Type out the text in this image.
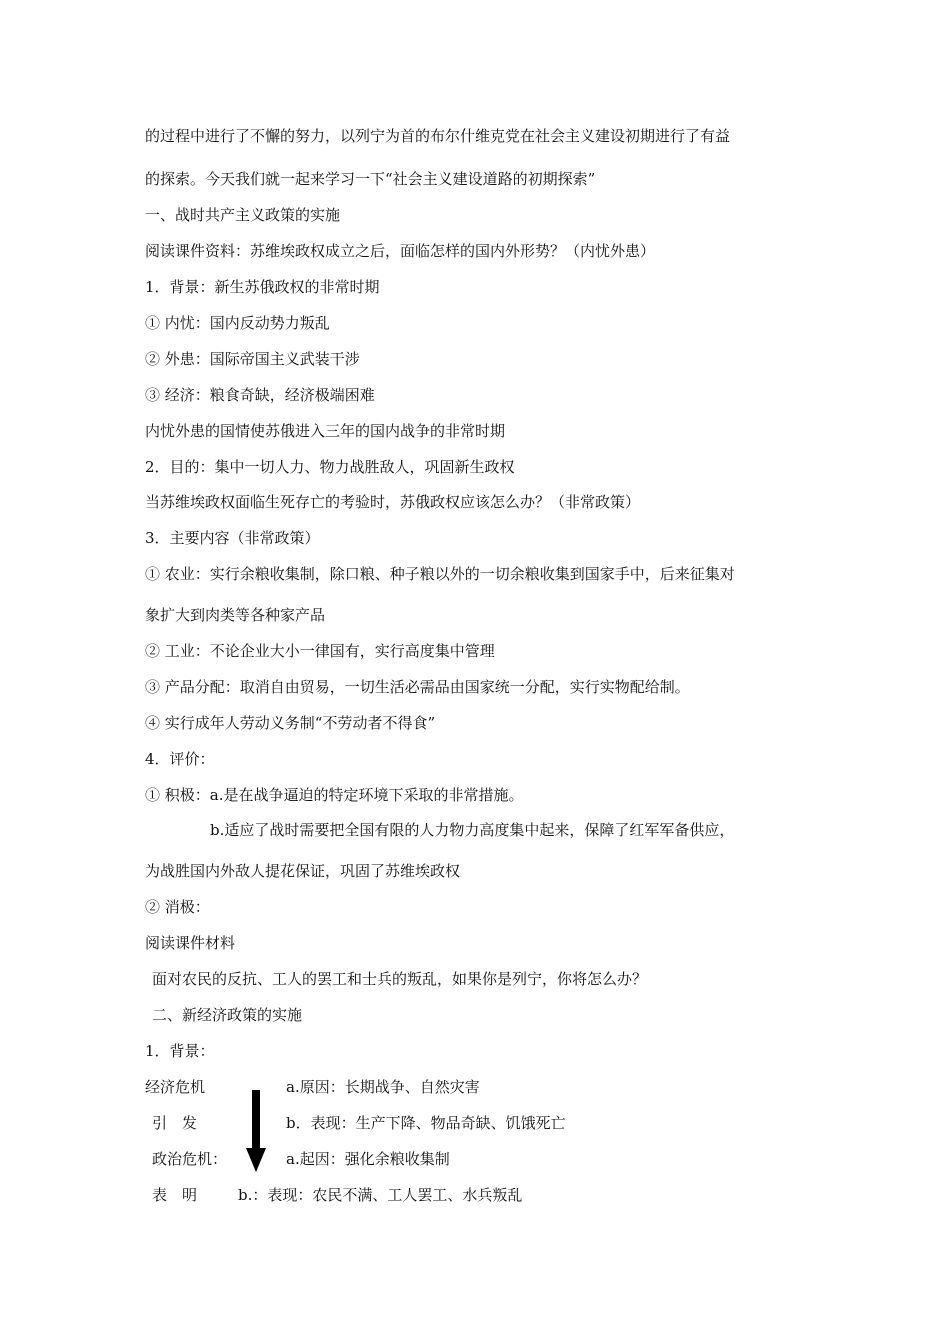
的过程中进行了不懈的努力，以列宁为首的布尔什维克党在社会主义建设初期进行了有益
的探索。今天我们就一起来学习一下“社会主义建设道路的初期探索”
一、战时共产主义政策的实施
阅读课件资料：苏维埃政权成立之后，面临怎样的国内外形势？（内忧外患）
1．背景：新生苏俄政权的非常时期
① 内忧：国内反动势力叛乱
② 外患：国际帝国主义武装干涉
③ 经济：粮食奇缺，经济极端困难
内忧外患的国情使苏俄进入三年的国内战争的非常时期
2．目的：集中一切人力、物力战胜敌人，巩固新生政权
当苏维埃政权面临生死存亡的考验时，苏俄政权应该怎么办？（非常政策）
3．主要内容（非常政策）
① 农业：实行余粮收集制，除口粮、种子粮以外的一切余粮收集到国家手中，后来征集对
象扩大到肉类等各种家产品
② 工业：不论企业大小一律国有，实行高度集中管理
③ 产品分配：取消自由贸易，一切生活必需品由国家统一分配，实行实物配给制。
④ 实行成年人劳动义务制“不劳动者不得食”
4．评价：
① 积极：a.是在战争逼迫的特定环境下采取的非常措施。
b.适应了战时需要把全国有限的人力物力高度集中起来，保障了红军军备供应，
为战胜国内外敌人提花保证，巩固了苏维埃政权
② 消极：
阅读课件材料
面对农民的反抗、工人的罢工和士兵的叛乱，如果你是列宁，你将怎么办？
二、新经济政策的实施
1．背景：
经济危机	a.原因：长期战争、自然灾害
引　发	b．表现：生产下降、物品奇缺、饥饿死亡
政治危机：	a.起因：强化余粮收集制
表　明	b.：表现：农民不满、工人罢工、水兵叛乱
